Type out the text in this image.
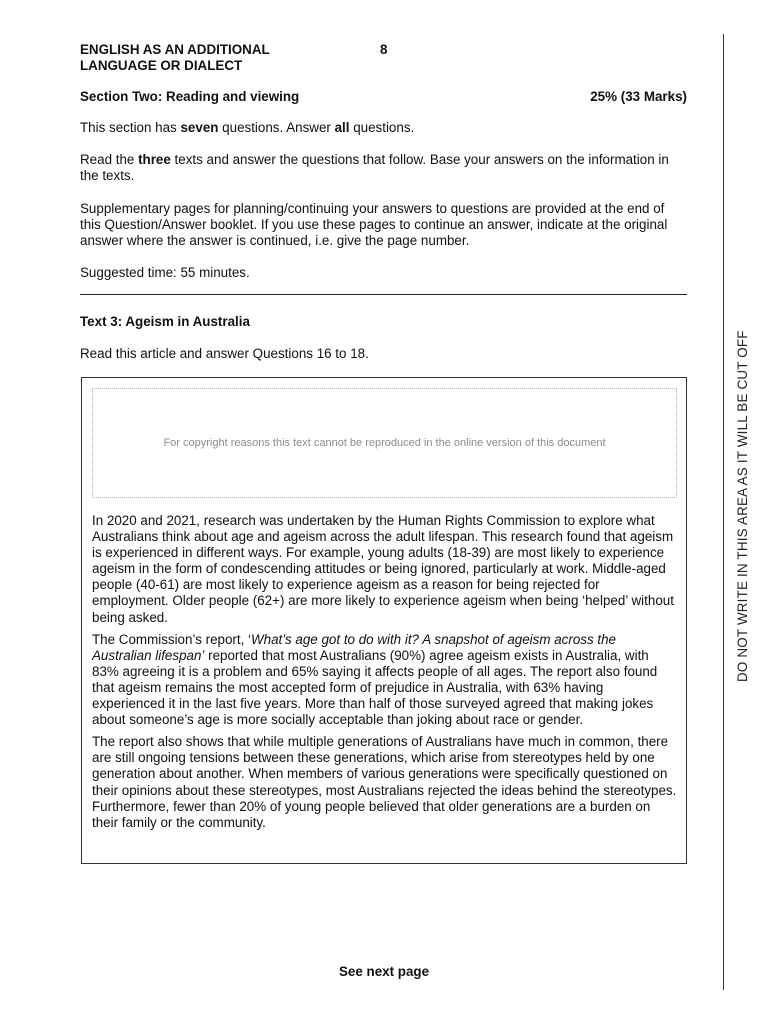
ENGLISH AS AN ADDITIONAL
LANGUAGE OR DIALECT
8
Section Two: Reading and viewing	25% (33 Marks)
This section has seven questions. Answer all questions.
Read the three texts and answer the questions that follow. Base your answers on the information in the texts.
Supplementary pages for planning/continuing your answers to questions are provided at the end of this Question/Answer booklet. If you use these pages to continue an answer, indicate at the original answer where the answer is continued, i.e. give the page number.
Suggested time: 55 minutes.
Text 3: Ageism in Australia
Read this article and answer Questions 16 to 18.
For copyright reasons this text cannot be reproduced in the online version of this document

In 2020 and 2021, research was undertaken by the Human Rights Commission to explore what Australians think about age and ageism across the adult lifespan. This research found that ageism is experienced in different ways. For example, young adults (18-39) are most likely to experience ageism in the form of condescending attitudes or being ignored, particularly at work. Middle-aged people (40-61) are most likely to experience ageism as a reason for being rejected for employment. Older people (62+) are more likely to experience ageism when being ‘helped’ without being asked.

The Commission’s report, ‘What’s age got to do with it? A snapshot of ageism across the Australian lifespan’ reported that most Australians (90%) agree ageism exists in Australia, with 83% agreeing it is a problem and 65% saying it affects people of all ages. The report also found that ageism remains the most accepted form of prejudice in Australia, with 63% having experienced it in the last five years. More than half of those surveyed agreed that making jokes about someone’s age is more socially acceptable than joking about race or gender.

The report also shows that while multiple generations of Australians have much in common, there are still ongoing tensions between these generations, which arise from stereotypes held by one generation about another. When members of various generations were specifically questioned on their opinions about these stereotypes, most Australians rejected the ideas behind the stereotypes. Furthermore, fewer than 20% of young people believed that older generations are a burden on their family or the community.

DO NOT WRITE IN THIS AREA AS IT WILL BE CUT OFF
See next page
